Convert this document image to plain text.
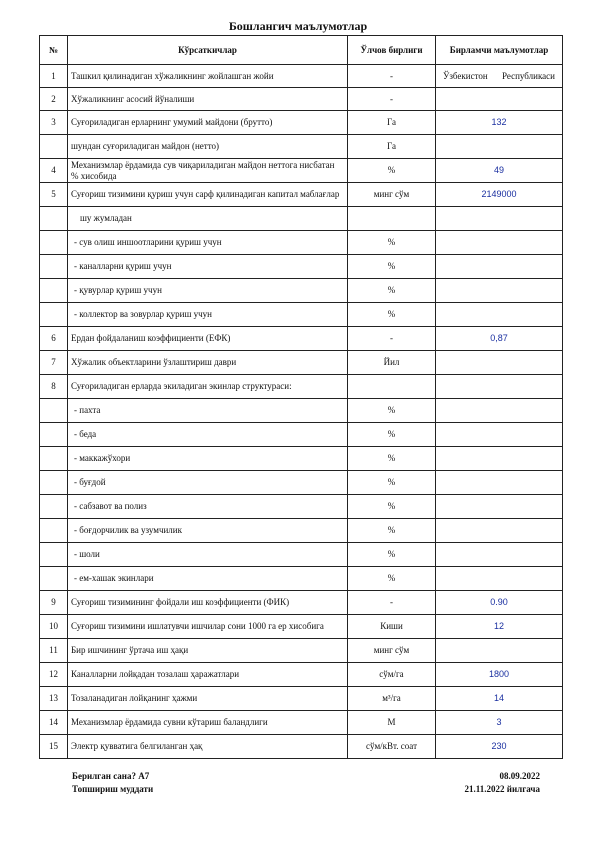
Бошлангич маълумотлар
№	Кўрсаткичлар	Ўлчов бирлиги	Бирламчи маълумотлар
1	Ташкил қилинадиган хўжаликнинг жойлашган жойи	-	Ўзбекистон Республикаси

2	Хўжаликнинг асосий йўналиши	-	
3	Суғориладиган ерларнинг умумий майдони (брутто)	Га	132
	шундан суғориладиган майдон (нетто)	Га	
4	Механизмлар ёрдамида сув чиқариладиган майдон неттога нисбатан % хисобида	%	49
5	Суғориш тизимини қуриш учун сарф қилинадиган капитал маблағлар	минг сўм	2149000
	шу жумладан		
	- сув олиш иншоотларини қуриш учун	%	
	- каналларни қуриш учун	%	
	- қувурлар қуриш учун	%	
	- коллектор ва зовурлар қуриш учун	%	
6	Ердан фойдаланиш коэффициенти (ЕФК)	-	0,87
7	Хўжалик объектларини ўзлаштириш даври	Йил	
8	Суғориладиган ерларда экиладиган экинлар структураси:		
	- пахта	%	
	- беда	%	
	- маккажўхори	%	
	- буғдой	%	
	- сабзавот ва полиз	%	
	- боғдорчилик ва узумчилик	%	
	- шоли	%	
	- ем-хашак экинлари	%	
9	Суғориш тизимининг фойдали иш коэффициенти (ФИК)	-	0.90
10	Суғориш тизимини ишлатувчи ишчилар сони 1000 га ер хисобига	Киши	12
11	Бир ишчининг ўртача иш ҳақи	минг сўм	
12	Каналларни лойқадан тозалаш ҳаражатлари	сўм/га	1800
13	Тозаланадиган лойқанинг ҳажми	м³/га	14
14	Механизмлар ёрдамида сувни кўтариш баландлиги	М	3
15	Электр қувватига белгиланган ҳақ	сўм/кВт. соат	230
Берилган сана? А7	08.09.2022
Топшириш муддати	21.11.2022 йилгача
